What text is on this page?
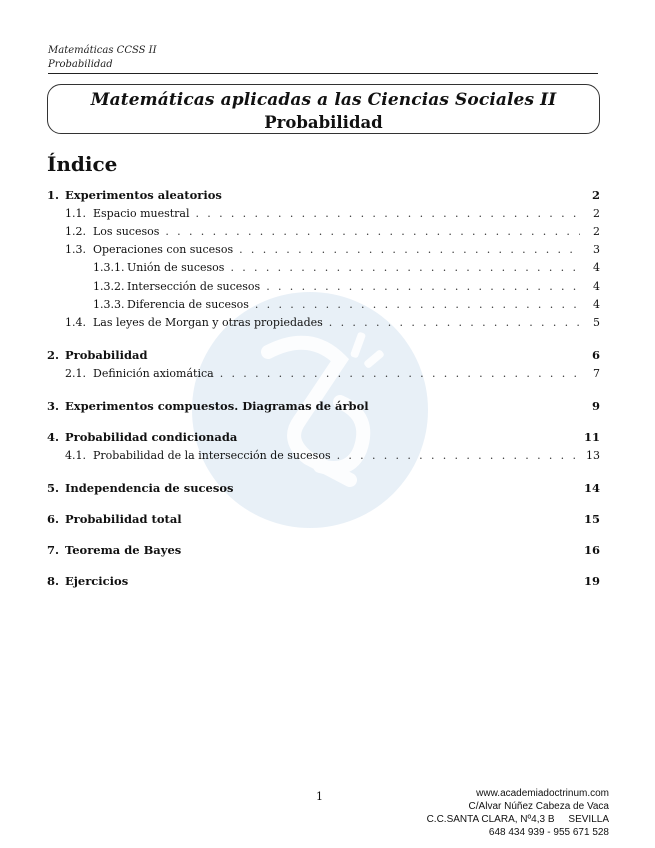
Matemáticas CCSS II
Probabilidad
Matemáticas aplicadas a las Ciencias Sociales II
Probabilidad
Índice
1. Experimentos aleatorios	2
1.1. Espacio muestral . . .	2
1.2. Los sucesos . . .	2
1.3. Operaciones con sucesos . . .	3
1.3.1. Unión de sucesos . . .	4
1.3.2. Intersección de sucesos . . .	4
1.3.3. Diferencia de sucesos . . .	4
1.4. Las leyes de Morgan y otras propiedades . . .	5
2. Probabilidad	6
2.1. Definición axiomática . . .	7
3. Experimentos compuestos. Diagramas de árbol	9
4. Probabilidad condicionada	11
4.1. Probabilidad de la intersección de sucesos . . .	13
5. Independencia de sucesos	14
6. Probabilidad total	15
7. Teorema de Bayes	16
8. Ejercicios	19
1	www.academiadoctrinum.com
C/Alvar Núñez Cabeza de Vaca
C.C.SANTA CLARA, Nº4,3 B     SEVILLA
648 434 939 - 955 671 528
